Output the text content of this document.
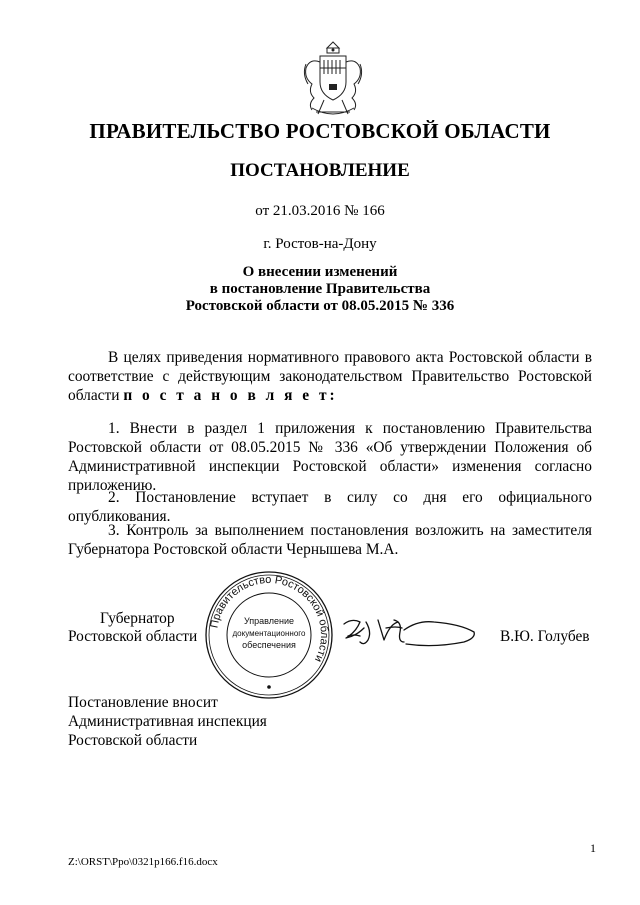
ПРАВИТЕЛЬСТВО РОСТОВСКОЙ ОБЛАСТИ
ПОСТАНОВЛЕНИЕ
от 21.03.2016 № 166
г. Ростов-на-Дону
О внесении изменений
в постановление Правительства
Ростовской области от 08.05.2015 № 336
В целях приведения нормативного правового акта Ростовской области в соответствие с действующим законодательством Правительство Ростовской области п о с т а н о в л я е т:
1. Внести в раздел 1 приложения к постановлению Правительства Ростовской области от 08.05.2015 № 336 «Об утверждении Положения об Административной инспекции Ростовской области» изменения согласно приложению.
2. Постановление вступает в силу со дня его официального опубликования.
3. Контроль за выполнением постановления возложить на заместителя Губернатора Ростовской области Чернышева М.А.
Губернатор
Ростовской области
Правительство Ростовской области
Управление
документационного
обеспечения	В.Ю. Голубев
Постановление вносит
Административная инспекция
Ростовской области
1
Z:\ORST\Ppo\0321p166.f16.docx
